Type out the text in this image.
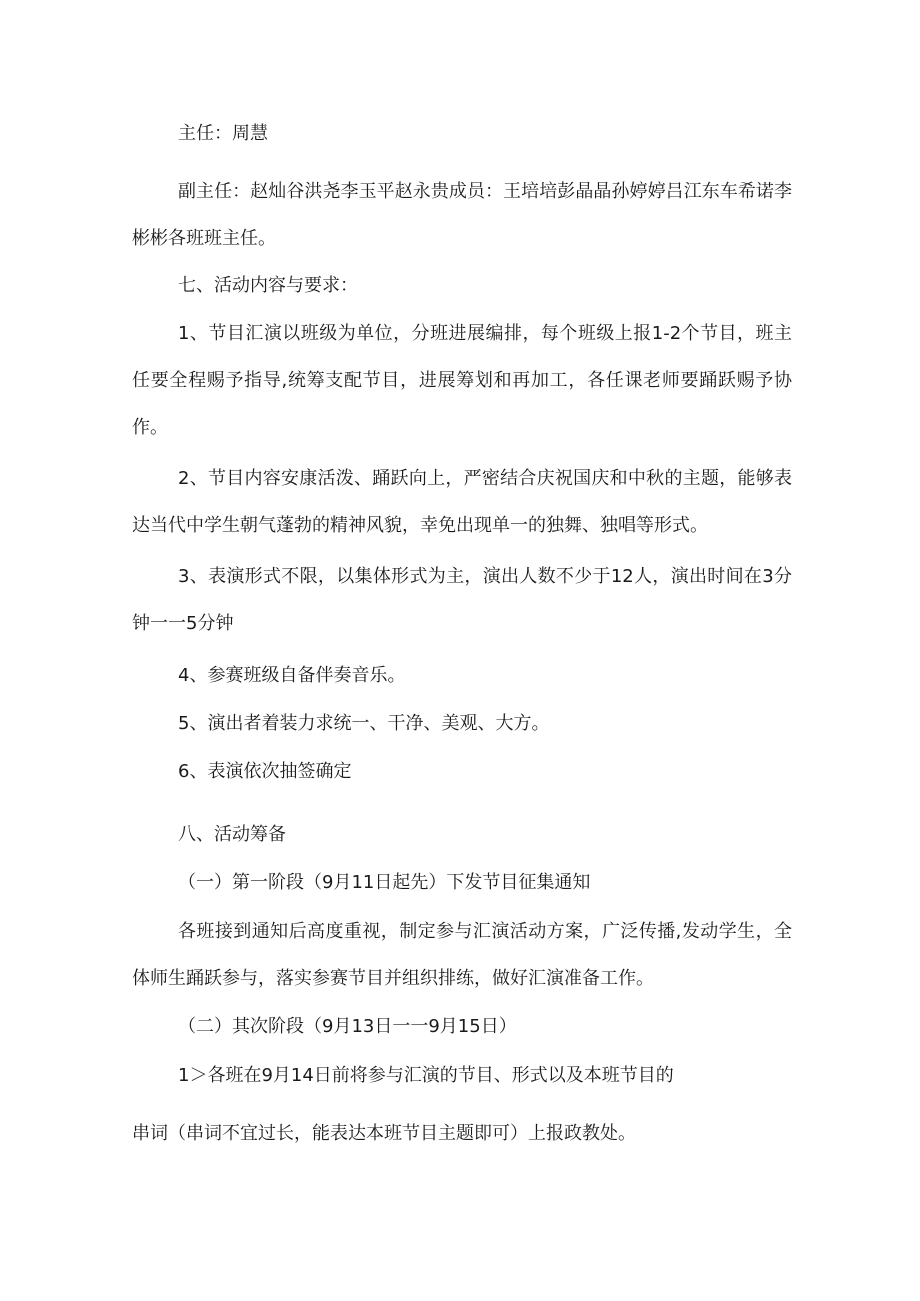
主任：周慧

副主任：赵灿谷洪尧李玉平赵永贵成员：王培培彭晶晶孙婷婷吕江东车希诺李彬彬各班班主任。

七、活动内容与要求：

1、节目汇演以班级为单位，分班进展编排，每个班级上报1-2个节目，班主任要全程赐予指导,统筹支配节目，进展筹划和再加工，各任课老师要踊跃赐予协作。

2、节目内容安康活泼、踊跃向上，严密结合庆祝国庆和中秋的主题，能够表达当代中学生朝气蓬勃的精神风貌，幸免出现单一的独舞、独唱等形式。

3、表演形式不限，以集体形式为主，演出人数不少于12人，演出时间在3分钟一一5分钟

4、参赛班级自备伴奏音乐。

5、演出者着装力求统一、干净、美观、大方。

6、表演依次抽签确定

八、活动筹备

（一）第一阶段（9月11日起先）下发节目征集通知

各班接到通知后高度重视，制定参与汇演活动方案，广泛传播,发动学生，全体师生踊跃参与，落实参赛节目并组织排练，做好汇演准备工作。

（二）其次阶段（9月13日一一9月15日）

1＞各班在9月14日前将参与汇演的节目、形式以及本班节目的

串词（串词不宜过长，能表达本班节目主题即可）上报政教处。
